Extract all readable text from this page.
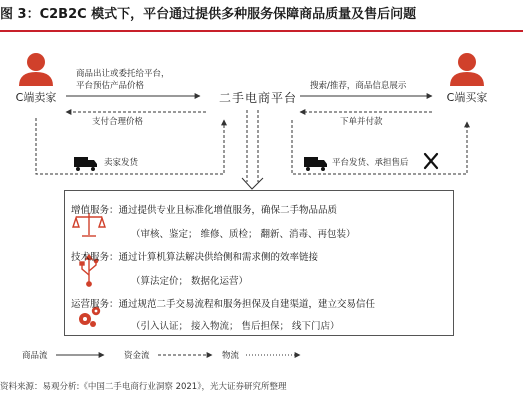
图 3：C2B2C 模式下，平台通过提供多种服务保障商品质量及售后问题
C端卖家	二手电商平台	C端买家
商品出让或委托给平台，
平台预估产品价格
支付合理价格
卖家发货
搜索/推荐，商品信息展示
下单并付款
平台发货、承担售后
增值服务：通过提供专业且标准化增值服务，确保二手物品品质
（审核、鉴定； 维修、质检； 翻新、消毒、再包装）
技术服务：通过计算机算法解决供给侧和需求侧的效率链接
（算法定价； 数据化运营）
运营服务：通过规范二手交易流程和服务担保及自建渠道，建立交易信任
（引入认证； 接入物流； 售后担保； 线下门店）
商品流	资金流	物流
资料来源：易观分析:《中国二手电商行业洞察 2021》，光大证券研究所整理
